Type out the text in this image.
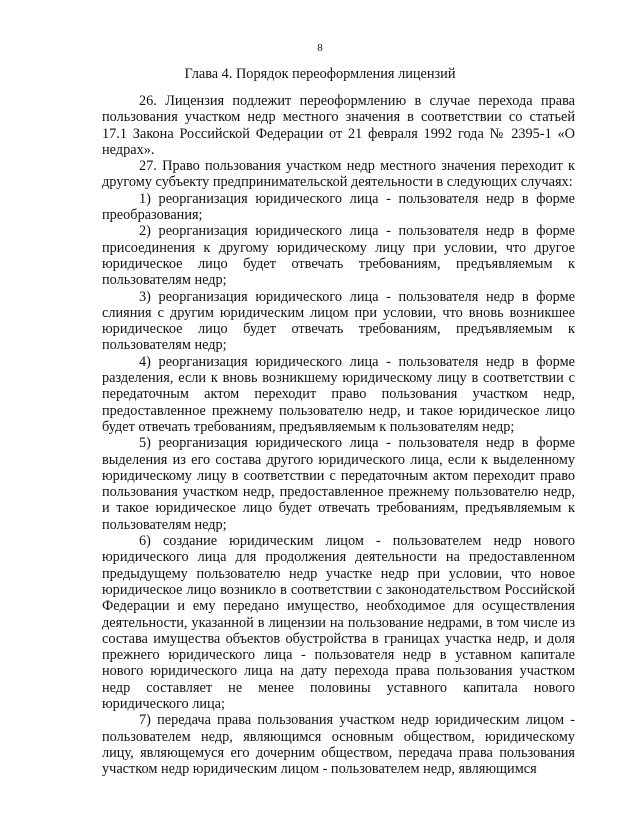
8
Глава 4. Порядок переоформления лицензий

26. Лицензия подлежит переоформлению в случае перехода права пользования участком недр местного значения в соответствии со статьей 17.1 Закона Российской Федерации от 21 февраля 1992 года № 2395-1 «О недрах».

27. Право пользования участком недр местного значения переходит к другому субъекту предпринимательской деятельности в следующих случаях:

1) реорганизация юридического лица - пользователя недр в форме преобразования;

2) реорганизация юридического лица - пользователя недр в форме присоединения к другому юридическому лицу при условии, что другое юридическое лицо будет отвечать требованиям, предъявляемым к пользователям недр;

3) реорганизация юридического лица - пользователя недр в форме слияния с другим юридическим лицом при условии, что вновь возникшее юридическое лицо будет отвечать требованиям, предъявляемым к пользователям недр;

4) реорганизация юридического лица - пользователя недр в форме разделения, если к вновь возникшему юридическому лицу в соответствии с передаточным актом переходит право пользования участком недр, предоставленное прежнему пользователю недр, и такое юридическое лицо будет отвечать требованиям, предъявляемым к пользователям недр;

5) реорганизация юридического лица - пользователя недр в форме выделения из его состава другого юридического лица, если к выделенному юридическому лицу в соответствии с передаточным актом переходит право пользования участком недр, предоставленное прежнему пользователю недр, и такое юридическое лицо будет отвечать требованиям, предъявляемым к пользователям недр;

6) создание юридическим лицом - пользователем недр нового юридического лица для продолжения деятельности на предоставленном предыдущему пользователю недр участке недр при условии, что новое юридическое лицо возникло в соответствии с законодательством Российской Федерации и ему передано имущество, необходимое для осуществления деятельности, указанной в лицензии на пользование недрами, в том числе из состава имущества объектов обустройства в границах участка недр, и доля прежнего юридического лица - пользователя недр в уставном капитале нового юридического лица на дату перехода права пользования участком недр составляет не менее половины уставного капитала нового юридического лица;

7) передача права пользования участком недр юридическим лицом - пользователем недр, являющимся основным обществом, юридическому лицу, являющемуся его дочерним обществом, передача права пользования участком недр юридическим лицом - пользователем недр, являющимся
